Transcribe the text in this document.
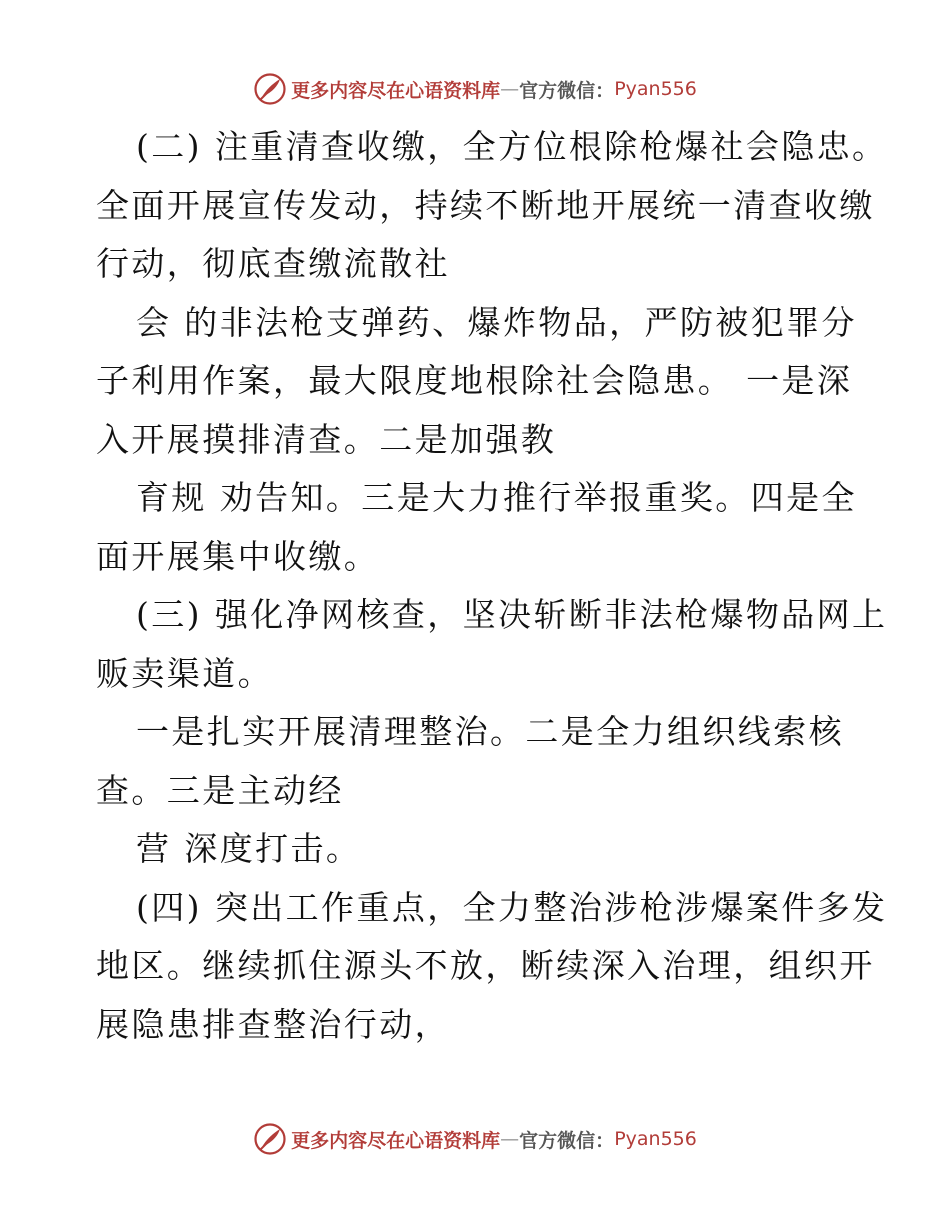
更多内容尽在心语资料库 — 官方微信： Pyan556

(二) 注重清查收缴，全方位根除枪爆社会隐忠。
全面开展宣传发动，持续不断地开展统一清查收缴
行动，彻底查缴流散社

会 的非法枪支弹药、爆炸物品，严防被犯罪分
子利用作案，最大限度地根除社会隐患。 一是深
入开展摸排清查。二是加强教

育规 劝告知。三是大力推行举报重奖。四是全
面开展集中收缴。

(三) 强化净网核查，坚决斩断非法枪爆物品网上
贩卖渠道。

一是扎实开展清理整治。二是全力组织线索核
查。三是主动经

营 深度打击。

(四) 突出工作重点，全力整治涉枪涉爆案件多发
地区。继续抓住源头不放，断续深入治理，组织开
展隐患排查整治行动，

更多内容尽在心语资料库 — 官方微信： Pyan556
